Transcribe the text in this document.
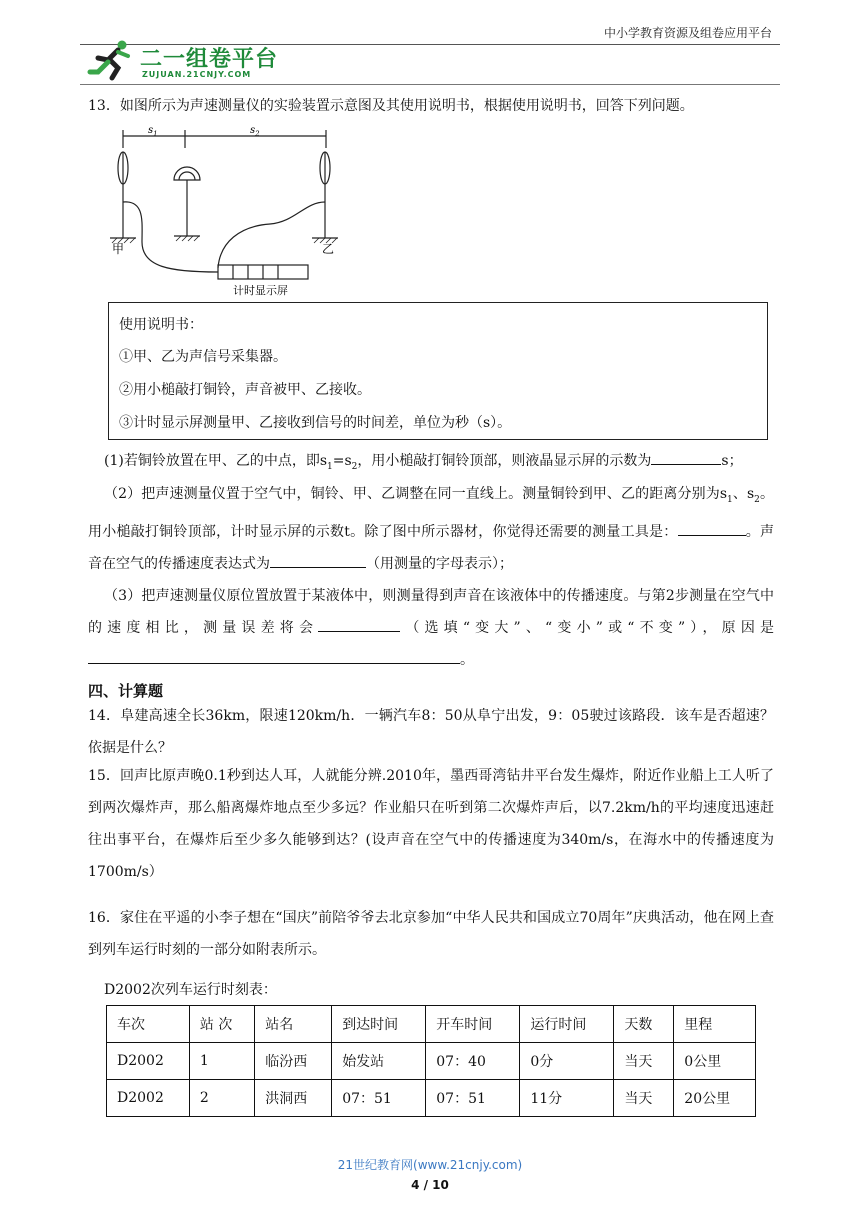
中小学教育资源及组卷应用平台
二一组卷平台
ZUJUAN.21CNJY.COM
13．如图所示为声速测量仪的实验装置示意图及其使用说明书，根据使用说明书，回答下列问题。
$s_1$	$s_2$
甲	乙
计时显示屏
使用说明书：
①甲、乙为声信号采集器。
②用小槌敲打铜铃，声音被甲、乙接收。
③计时显示屏测量甲、乙接收到信号的时间差，单位为秒（s）。
(1)若铜铃放置在甲、乙的中点，即$s_1=s_2$，用小槌敲打铜铃顶部，则液晶显示屏的示数为	s；
（2）把声速测量仪置于空气中，铜铃、甲、乙调整在同一直线上。测量铜铃到甲、乙的距离分别为$s_1$、$s_2$。用小槌敲打铜铃顶部，计时显示屏的示数t。除了图中所示器材，你觉得还需要的测量工具是：	。声音在空气的传播速度表达式为	（用测量的字母表示）；
（3）把声速测量仪原位置放置于某液体中，则测量得到声音在该液体中的传播速度。与第2步测量在空气中的速度相比，测量误差将会	（选填“变大”、“变小”或“不变”），原因是。
四、计算题
14．阜建高速全长36km，限速120km/h．一辆汽车8：50从阜宁出发，9：05驶过该路段．该车是否超速？依据是什么？
15．回声比原声晚0.1秒到达人耳，人就能分辨.2010年，墨西哥湾钻井平台发生爆炸，附近作业船上工人听了到两次爆炸声，那么船离爆炸地点至少多远？作业船只在听到第二次爆炸声后，以7.2km/h的平均速度迅速赶往出事平台，在爆炸后至少多久能够到达？(设声音在空气中的传播速度为340m/s，在海水中的传播速度为1700m/s）
16．家住在平遥的小李子想在“国庆”前陪爷爷去北京参加“中华人民共和国成立70周年”庆典活动，他在网上查到列车运行时刻的一部分如附表所示。
D2002次列车运行时刻表：
车次	站 次	站名	到达时间	开车时间	运行时间	天数	里程
D2002	1	临汾西	始发站	07：40	0分	当天	0公里
D2002	2	洪洞西	07：51	07：51	11分	当天	20公里
21世纪教育网(www.21cnjy.com)
4 / 10
